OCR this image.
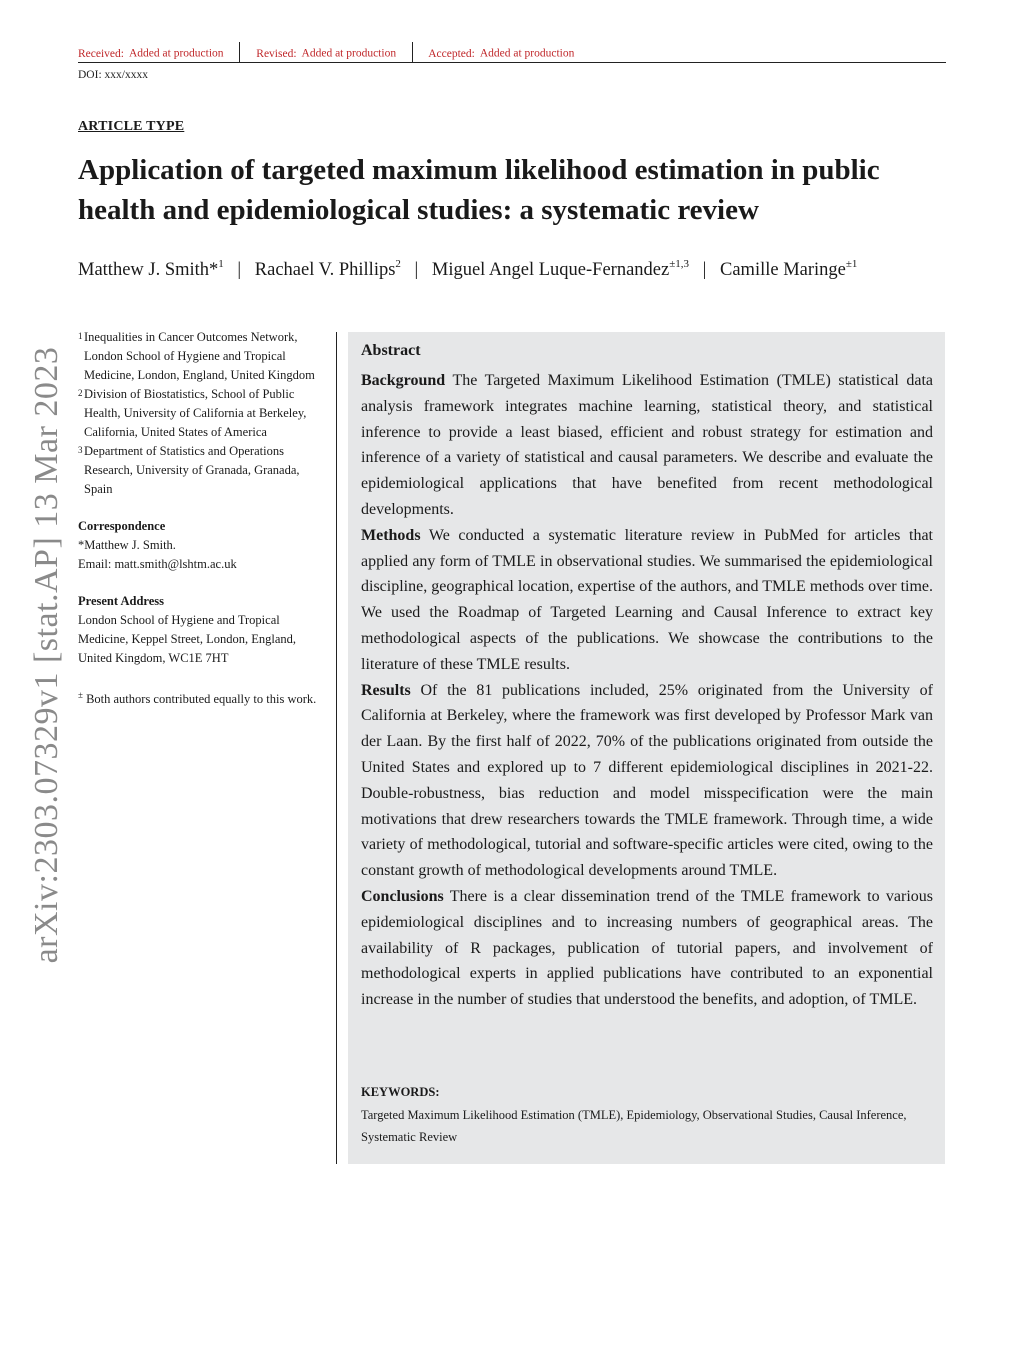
Received: Added at production	Revised: Added at production	Accepted: Added at production
DOI: xxx/xxxx
ARTICLE TYPE
Application of targeted maximum likelihood estimation in public
health and epidemiological studies: a systematic review
Matthew J. Smith*$^1$ | Rachael V. Phillips$^2$ | Miguel Angel Luque-Fernandez$^{\pm 1,3}$ | Camille Maringe$^{\pm 1}$
arXiv:2303.07329v1 [stat.AP] 13 Mar 2023
$^1$ Inequalities in Cancer Outcomes Network, London School of Hygiene and Tropical Medicine, London, England, United Kingdom
$^2$ Division of Biostatistics, School of Public Health, University of California at Berkeley, California, United States of America
$^3$ Department of Statistics and Operations Research, University of Granada, Granada, Spain
Correspondence
*Matthew J. Smith.
Email: matt.smith@lshtm.ac.uk
Present Address
London School of Hygiene and Tropical Medicine, Keppel Street, London, England, United Kingdom, WC1E 7HT
± Both authors contributed equally to this work.
Abstract

Background The Targeted Maximum Likelihood Estimation (TMLE) statistical data analysis framework integrates machine learning, statistical theory, and statistical inference to provide a least biased, efficient and robust strategy for estimation and inference of a variety of statistical and causal parameters. We describe and evaluate the epidemiological applications that have benefited from recent methodological developments.

Methods We conducted a systematic literature review in PubMed for articles that applied any form of TMLE in observational studies. We summarised the epidemiological discipline, geographical location, expertise of the authors, and TMLE methods over time. We used the Roadmap of Targeted Learning and Causal Inference to extract key methodological aspects of the publications. We showcase the contributions to the literature of these TMLE results.

Results Of the 81 publications included, 25% originated from the University of California at Berkeley, where the framework was first developed by Professor Mark van der Laan. By the first half of 2022, 70% of the publications originated from outside the United States and explored up to 7 different epidemiological disciplines in 2021-22. Double-robustness, bias reduction and model misspecification were the main motivations that drew researchers towards the TMLE framework. Through time, a wide variety of methodological, tutorial and software-specific articles were cited, owing to the constant growth of methodological developments around TMLE.

Conclusions There is a clear dissemination trend of the TMLE framework to various epidemiological disciplines and to increasing numbers of geographical areas. The availability of R packages, publication of tutorial papers, and involvement of methodological experts in applied publications have contributed to an exponential increase in the number of studies that understood the benefits, and adoption, of TMLE.

KEYWORDS:
Targeted Maximum Likelihood Estimation (TMLE), Epidemiology, Observational Studies, Causal Inference, Systematic Review
